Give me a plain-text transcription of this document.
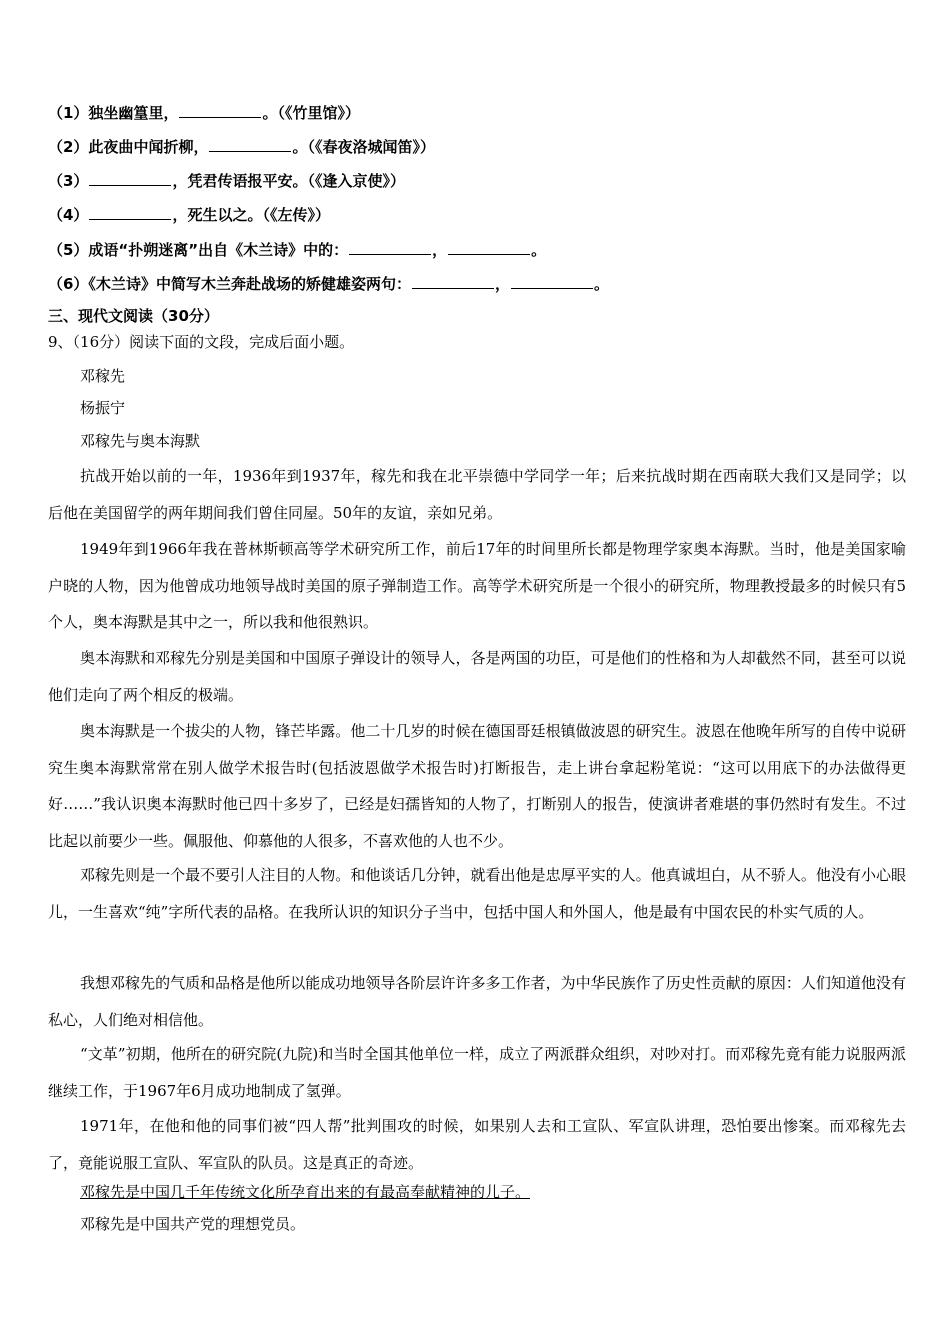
（1）独坐幽篁里，	。（《竹里馆》）
（2）此夜曲中闻折柳，	。（《春夜洛城闻笛》）
（3）	，凭君传语报平安。（《逢入京使》）
（4）	，死生以之。（《左传》）
（5）成语“扑朔迷离”出自《木兰诗》中的：	，	。
（6）《木兰诗》中简写木兰奔赴战场的矫健雄姿两句：	，	。
三、现代文阅读（30分）
9、（16分）阅读下面的文段，完成后面小题。
邓稼先
杨振宁
邓稼先与奥本海默
抗战开始以前的一年，1936年到1937年，稼先和我在北平崇德中学同学一年；后来抗战时期在西南联大我们又是同学；以后他在美国留学的两年期间我们曾住同屋。50年的友谊，亲如兄弟。
1949年到1966年我在普林斯顿高等学术研究所工作，前后17年的时间里所长都是物理学家奥本海默。当时，他是美国家喻户晓的人物，因为他曾成功地领导战时美国的原子弹制造工作。高等学术研究所是一个很小的研究所，物理教授最多的时候只有5个人，奥本海默是其中之一，所以我和他很熟识。
奥本海默和邓稼先分别是美国和中国原子弹设计的领导人，各是两国的功臣，可是他们的性格和为人却截然不同，甚至可以说他们走向了两个相反的极端。
奥本海默是一个拔尖的人物，锋芒毕露。他二十几岁的时候在德国哥廷根镇做波恩的研究生。波恩在他晚年所写的自传中说研究生奥本海默常常在别人做学术报告时(包括波恩做学术报告时)打断报告，走上讲台拿起粉笔说：“这可以用底下的办法做得更好……”我认识奥本海默时他已四十多岁了，已经是妇孺皆知的人物了，打断别人的报告，使演讲者难堪的事仍然时有发生。不过比起以前要少一些。佩服他、仰慕他的人很多，不喜欢他的人也不少。
邓稼先则是一个最不要引人注目的人物。和他谈话几分钟，就看出他是忠厚平实的人。他真诚坦白，从不骄人。他没有小心眼儿，一生喜欢“纯”字所代表的品格。在我所认识的知识分子当中，包括中国人和外国人，他是最有中国农民的朴实气质的人。
我想邓稼先的气质和品格是他所以能成功地领导各阶层许许多多工作者，为中华民族作了历史性贡献的原因：人们知道他没有私心，人们绝对相信他。
“文革”初期，他所在的研究院(九院)和当时全国其他单位一样，成立了两派群众组织，对吵对打。而邓稼先竟有能力说服两派继续工作，于1967年6月成功地制成了氢弹。
1971年，在他和他的同事们被“四人帮”批判围攻的时候，如果别人去和工宣队、军宣队讲理，恐怕要出惨案。而邓稼先去了，竟能说服工宣队、军宣队的队员。这是真正的奇迹。
邓稼先是中国几千年传统文化所孕育出来的有最高奉献精神的儿子。
邓稼先是中国共产党的理想党员。
